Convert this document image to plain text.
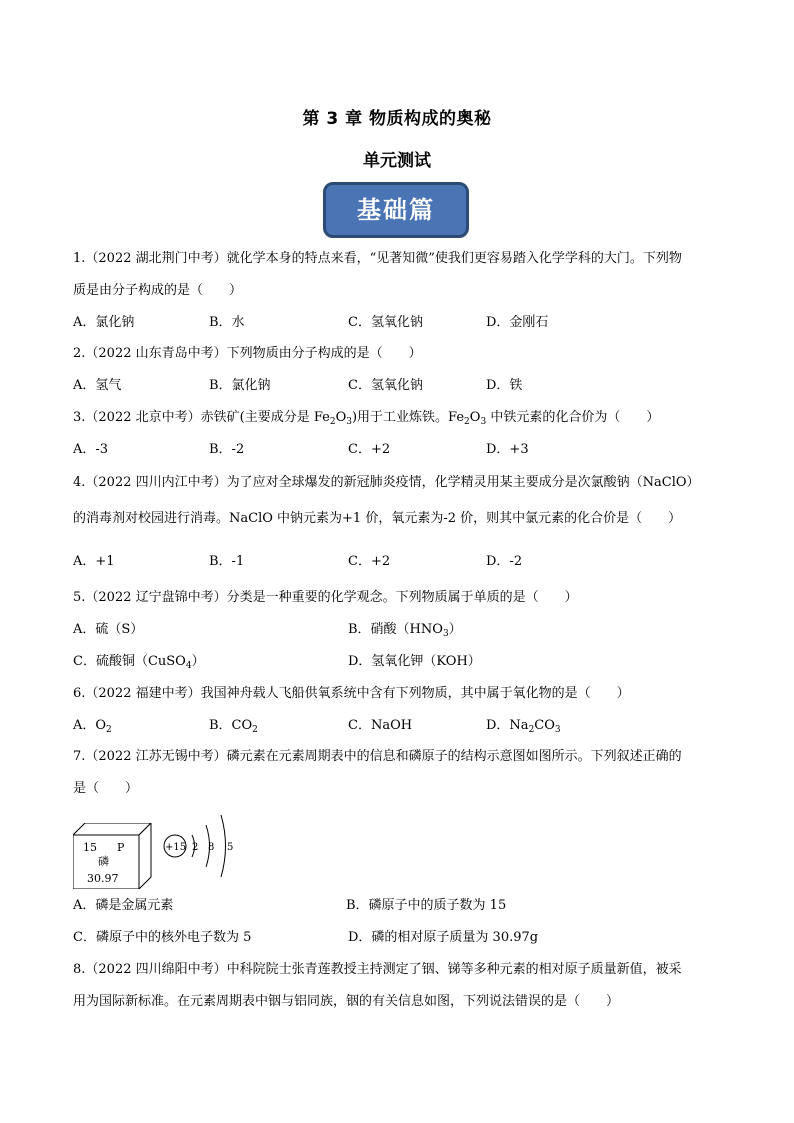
第 3 章 物质构成的奥秘
单元测试
基础篇
1.（2022 湖北荆门中考）就化学本身的特点来看，“见著知微”使我们更容易踏入化学学科的大门。下列物
质是由分子构成的是（　　）
A．氯化钠	B．水	C．氢氧化钠	D．金刚石
2.（2022 山东青岛中考）下列物质由分子构成的是（　　）
A．氢气	B．氯化钠	C．氢氧化钠	D．铁
3.（2022 北京中考）赤铁矿(主要成分是 $Fe_2O_3$)用于工业炼铁。$Fe_2O_3$ 中铁元素的化合价为（　　）
A．-3	B．-2	C．+2	D．+3
4.（2022 四川内江中考）为了应对全球爆发的新冠肺炎疫情，化学精灵用某主要成分是次氯酸钠（NaClO）
的消毒剂对校园进行消毒。NaClO 中钠元素为+1 价，氧元素为-2 价，则其中氯元素的化合价是（　　）
A．+1	B．-1	C．+2	D．-2
5.（2022 辽宁盘锦中考）分类是一种重要的化学观念。下列物质属于单质的是（　　）
A．硫（S）	B．硝酸$(HNO_3)$
C．硫酸铜（CuSO$_4$）	D．氢氧化钾（KOH）
6.（2022 福建中考）我国神舟载人飞船供氧系统中含有下列物质，其中属于氧化物的是（　　）
A．$O_2$	B．$CO_2$	C．NaOH	D．$Na_2CO_3$
7.（2022 江苏无锡中考）磷元素在元素周期表中的信息和磷原子的结构示意图如图所示。下列叙述正确的
是（　　）
15 P
磷
30.97
+15 2 8 5
A．磷是金属元素	B．磷原子中的质子数为 15
C．磷原子中的核外电子数为 5	D．磷的相对原子质量为 30.97g
8.（2022 四川绵阳中考）中科院院士张青莲教授主持测定了铟、锑等多种元素的相对原子质量新值，被采
用为国际新标准。在元素周期表中铟与铝同族，铟的有关信息如图，下列说法错误的是（　　）
